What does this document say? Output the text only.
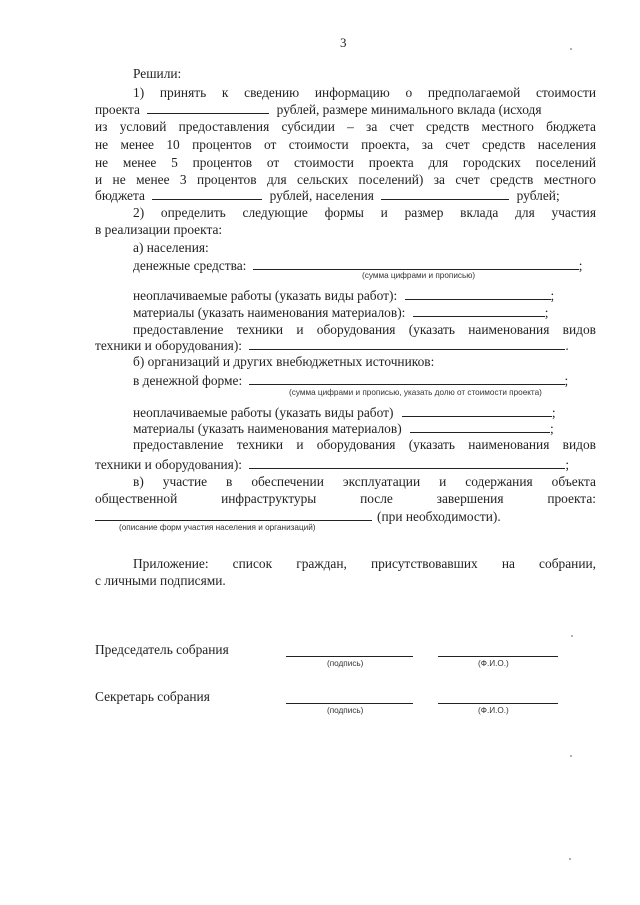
3
Решили:
1) принять к сведению информацию о предполагаемой стоимости
проекта	рублей, размере минимального вклада (исходя
из условий предоставления субсидии – за счет средств местного бюджета
не менее 10 процентов от стоимости проекта, за счет средств населения
не менее 5 процентов от стоимости проекта для городских поселений
и не менее 3 процентов для сельских поселений) за счет средств местного
бюджета	рублей, населения	рублей;
2) определить следующие формы и размер вклада для участия
в реализации проекта:
а) населения:
денежные средства:	;
(сумма цифрами и прописью)
неоплачиваемые работы (указать виды работ):	;
материалы (указать наименования материалов):	;
предоставление техники и оборудования (указать наименования видов
техники и оборудования):	.
б) организаций и других внебюджетных источников:
в денежной форме:	;
(сумма цифрами и прописью, указать долю от стоимости проекта)
неоплачиваемые работы (указать виды работ)	;
материалы (указать наименования материалов)	;
предоставление техники и оборудования (указать наименования видов
техники и оборудования):	;
в) участие в обеспечении эксплуатации и содержания объекта
общественной инфраструктуры после завершения проекта:
(при необходимости).
(описание форм участия населения и организаций)
Приложение: список граждан, присутствовавших на собрании,
с личными подписями.
Председатель собрания
(подпись)	(Ф.И.О.)
Секретарь собрания
(подпись)	(Ф.И.О.)
